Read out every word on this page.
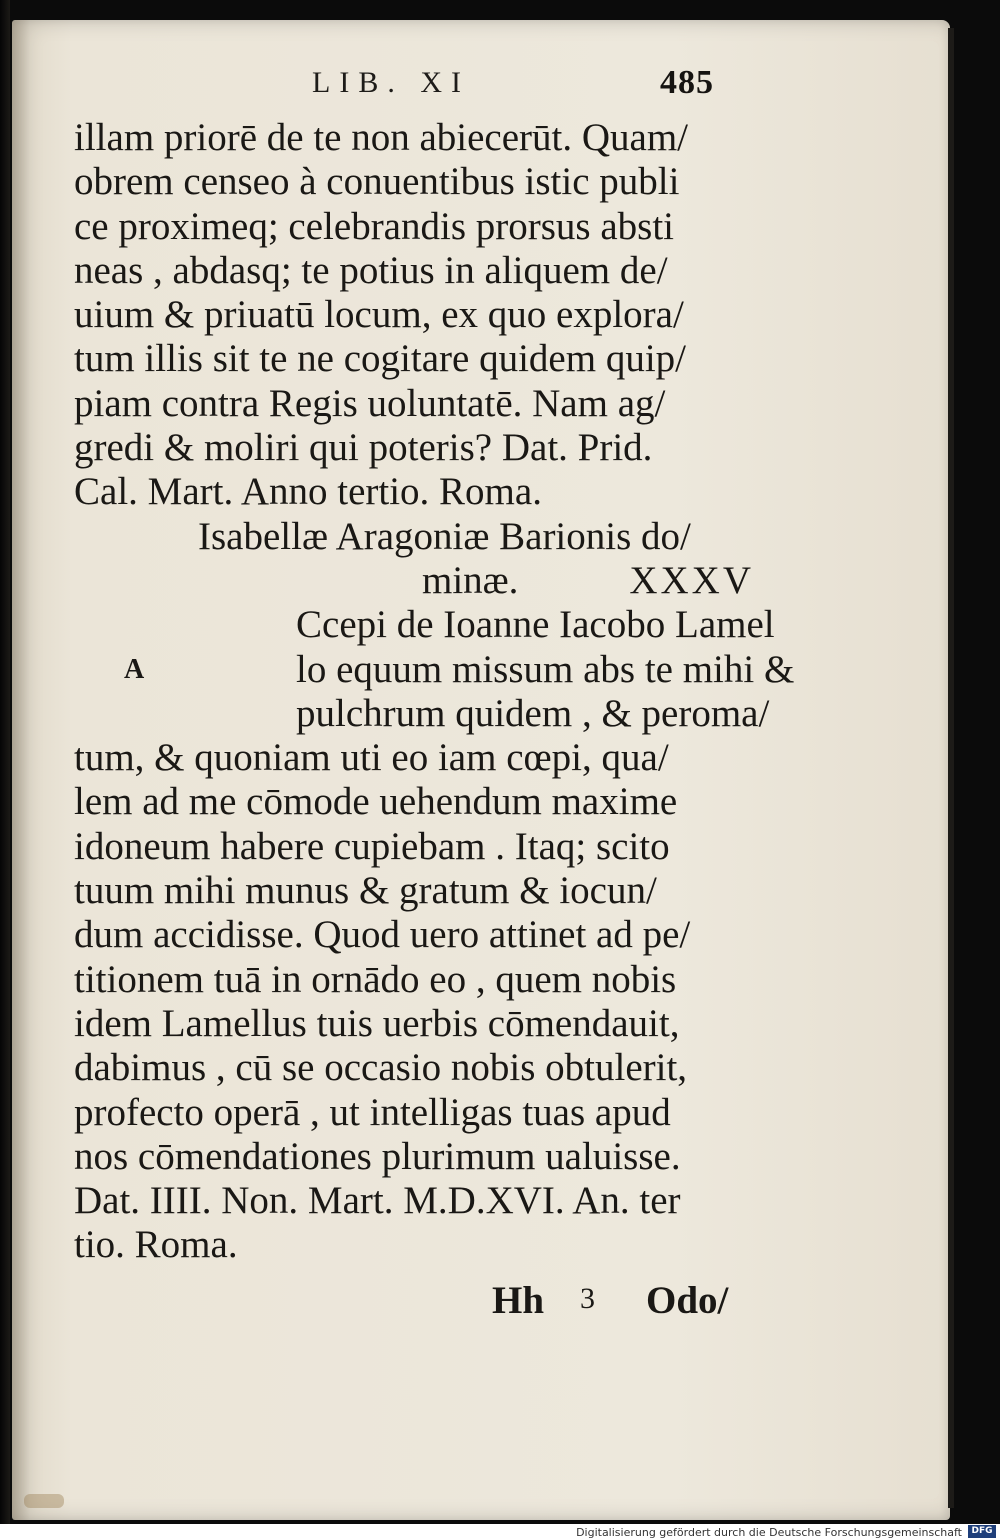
LIB. XI	485
illam priorē de te non abiecerūt. Quam/
obrem censeo à conuentibus istic publi
ce proximeq; celebrandis prorsus absti
neas , abdasq; te potius in aliquem de/
uium & priuatū locum, ex quo explora/
tum illis sit te ne cogitare quidem quip/
piam contra Regis uoluntatē. Nam ag/
gredi & moliri qui poteris? Dat. Prid.
Cal. Mart. Anno tertio. Roma.
Isabellæ Aragoniæ Barionis do/
minæ.	XXXV
Ccepi de Ioanne Iacobo Lamel
A	lo equum missum abs te mihi &
pulchrum quidem , & peroma/
tum, & quoniam uti eo iam cœpi, qua/
lem ad me cōmode uehendum maxime
idoneum habere cupiebam . Itaq; scito
tuum mihi munus & gratum & iocun/
dum accidisse. Quod uero attinet ad pe/
titionem tuā in ornādo eo , quem nobis
idem Lamellus tuis uerbis cōmendauit,
dabimus , cū se occasio nobis obtulerit,
profecto operā , ut intelligas tuas apud
nos cōmendationes plurimum ualuisse.
Dat. IIII. Non. Mart. M.D.XVI. An. ter
tio. Roma.
Hh 3 Odo/
Digitalisierung gefördert durch die Deutsche Forschungsgemeinschaft	DFG
